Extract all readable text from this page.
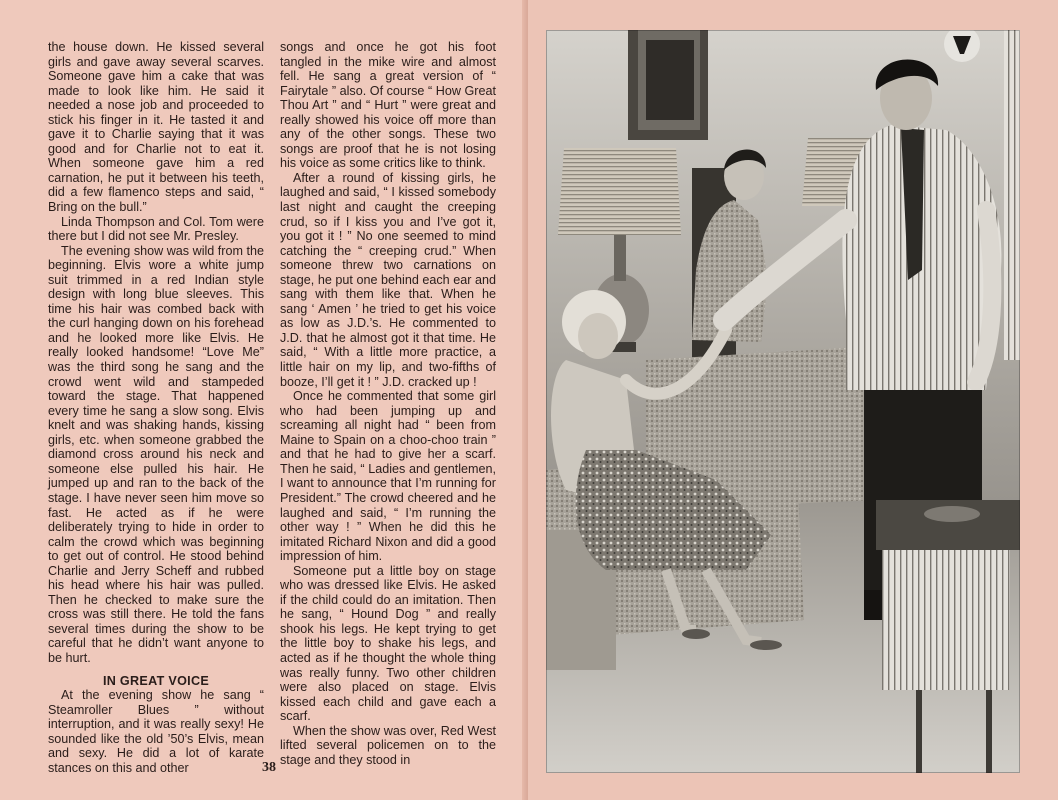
the house down. He kissed several girls and gave away several scarves. Someone gave him a cake that was made to look like him. He said it needed a nose job and proceeded to stick his finger in it. He tasted it and gave it to Charlie saying that it was good and for Charlie not to eat it. When someone gave him a red carnation, he put it between his teeth, did a few flamenco steps and said, “ Bring on the bull.”

Linda Thompson and Col. Tom were there but I did not see Mr. Presley.

The evening show was wild from the beginning. Elvis wore a white jump suit trimmed in a red Indian style design with long blue sleeves. This time his hair was combed back with the curl hanging down on his forehead and he looked more like Elvis. He really looked handsome! “Love Me” was the third song he sang and the crowd went wild and stampeded toward the stage. That happened every time he sang a slow song. Elvis knelt and was shaking hands, kissing girls, etc. when someone grabbed the diamond cross around his neck and someone else pulled his hair. He jumped up and ran to the back of the stage. I have never seen him move so fast. He acted as if he were deliberately trying to hide in order to calm the crowd which was beginning to get out of control. He stood behind Charlie and Jerry Scheff and rubbed his head where his hair was pulled. Then he checked to make sure the cross was still there. He told the fans several times during the show to be careful that he didn’t want anyone to be hurt.

IN GREAT VOICE

At the evening show he sang “ Steamroller Blues ” without interruption, and it was really sexy! He sounded like the old ’50’s Elvis, mean and sexy. He did a lot of karate stances on this and other

songs and once he got his foot tangled in the mike wire and almost fell. He sang a great version of “ Fairytale ” also. Of course “ How Great Thou Art ” and “ Hurt ” were great and really showed his voice off more than any of the other songs. These two songs are proof that he is not losing his voice as some critics like to think.

After a round of kissing girls, he laughed and said, “ I kissed somebody last night and caught the creeping crud, so if I kiss you and I’ve got it, you got it ! ” No one seemed to mind catching the “ creeping crud.” When someone threw two carnations on stage, he put one behind each ear and sang with them like that. When he sang ‘ Amen ’ he tried to get his voice as low as J.D.’s. He commented to J.D. that he almost got it that time. He said, “ With a little more practice, a little hair on my lip, and two-fifths of booze, I’ll get it ! ” J.D. cracked up !

Once he commented that some girl who had been jumping up and screaming all night had “ been from Maine to Spain on a choo-choo train ” and that he had to give her a scarf. Then he said, “ Ladies and gentlemen, I want to announce that I’m running for President.” The crowd cheered and he laughed and said, “ I’m running the other way ! ” When he did this he imitated Richard Nixon and did a good impression of him.

Someone put a little boy on stage who was dressed like Elvis. He asked if the child could do an imitation. Then he sang, “ Hound Dog ” and really shook his legs. He kept trying to get the little boy to shake his legs, and acted as if he thought the whole thing was really funny. Two other children were also placed on stage. Elvis kissed each child and gave each a scarf.

When the show was over, Red West lifted several policemen on to the stage and they stood in

38
